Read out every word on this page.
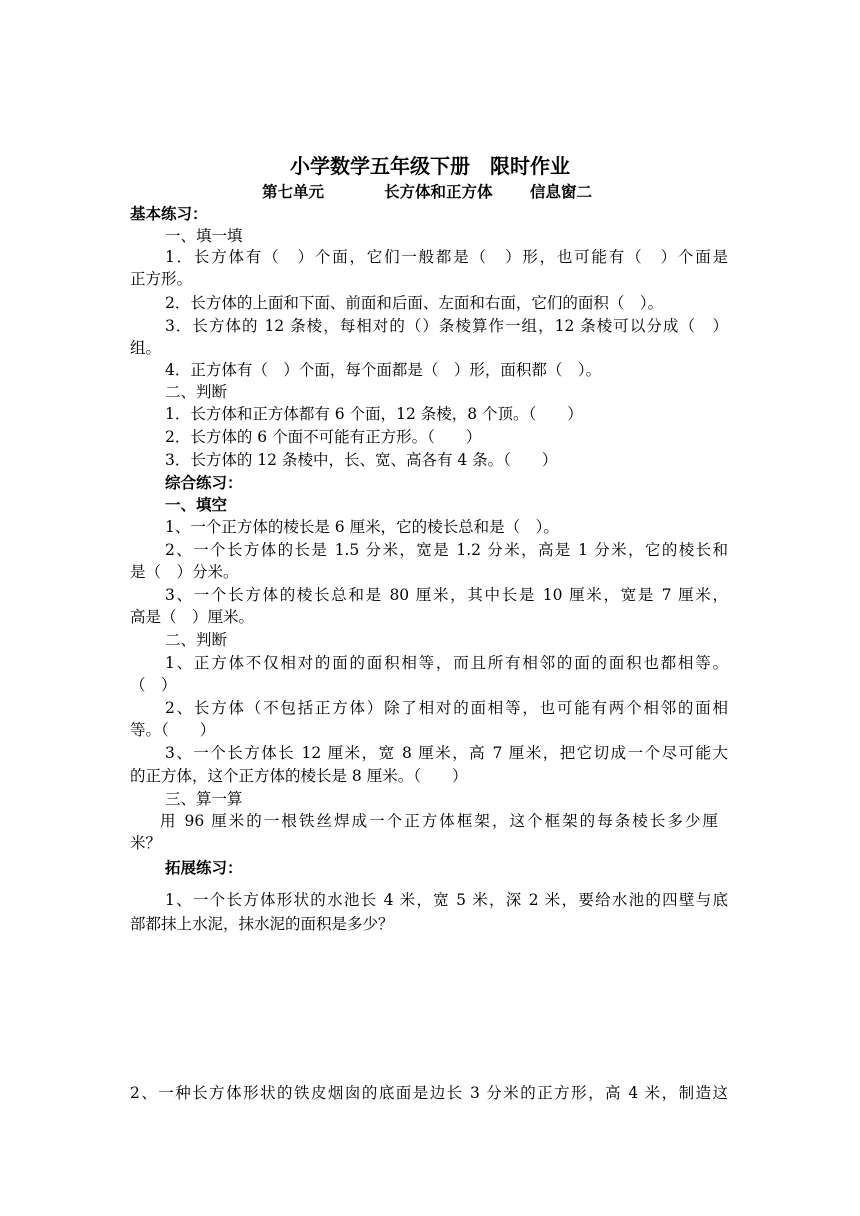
小学数学五年级下册　限时作业
第七单元	长方体和正方体 信息窗二
基本练习：
一、填一填
1．长方体有（　）个面，它们一般都是（　）形，也可能有（　）个面是
正方形。
2．长方体的上面和下面、前面和后面、左面和右面，它们的面积（　）。
3．长方体的 12 条棱，每相对的（）条棱算作一组，12 条棱可以分成（　）
组。
4．正方体有（　）个面，每个面都是（　）形，面积都（　）。
二、判断
1．长方体和正方体都有 6 个面，12 条棱，8 个顶。（　　）
2．长方体的 6 个面不可能有正方形。（　　）
3．长方体的 12 条棱中，长、宽、高各有 4 条。（　　）
综合练习：
一、填空
1、一个正方体的棱长是 6 厘米，它的棱长总和是（　）。
2、一个长方体的长是 1.5 分米，宽是 1.2 分米，高是 1 分米，它的棱长和
是（　）分米。
3、一个长方体的棱长总和是 80 厘米，其中长是 10 厘米，宽是 7 厘米，
高是（　）厘米。
二、判断
1、正方体不仅相对的面的面积相等，而且所有相邻的面的面积也都相等。
（　）
2、长方体（不包括正方体）除了相对的面相等，也可能有两个相邻的面相
等。（　　）
3、一个长方体长 12 厘米，宽 8 厘米，高 7 厘米，把它切成一个尽可能大
的正方体，这个正方体的棱长是 8 厘米。（　　）
三、算一算
用 96 厘米的一根铁丝焊成一个正方体框架，这个框架的每条棱长多少厘
米？
拓展练习：
1、一个长方体形状的水池长 4 米，宽 5 米，深 2 米，要给水池的四壁与底
部都抹上水泥，抹水泥的面积是多少？
2、一种长方体形状的铁皮烟囱的底面是边长 3 分米的正方形，高 4 米，制造这
